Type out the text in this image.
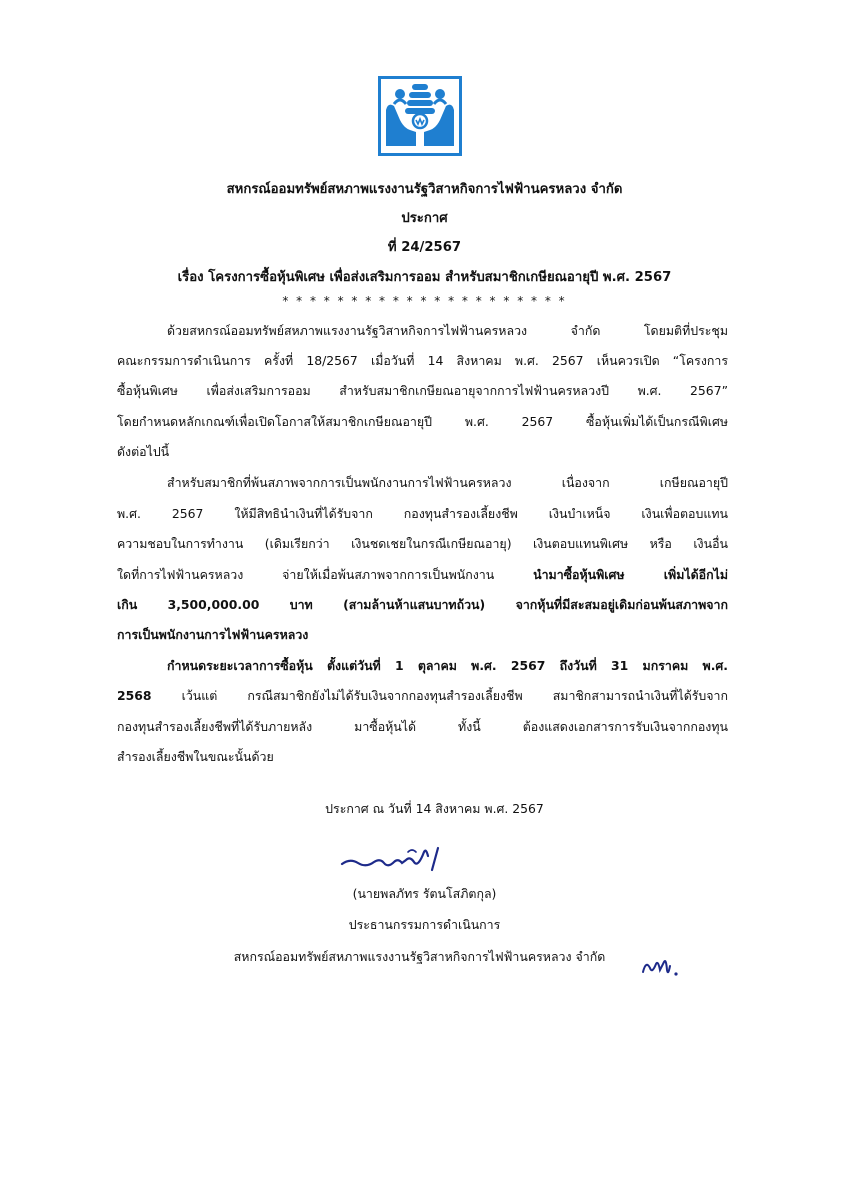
สหกรณ์ออมทรัพย์สหภาพแรงงานรัฐวิสาหกิจการไฟฟ้านครหลวง จำกัด
ประกาศ
ที่ 24/2567
เรื่อง โครงการซื้อหุ้นพิเศษ เพื่อส่งเสริมการออม สำหรับสมาชิกเกษียณอายุปี พ.ศ. 2567
* * * * * * * * * * * * * * * * * * * * *
ด้วยสหกรณ์ออมทรัพย์สหภาพแรงงานรัฐวิสาหกิจการไฟฟ้านครหลวง จำกัด โดยมติที่ประชุม
คณะกรรมการดำเนินการ ครั้งที่ 18/2567 เมื่อวันที่ 14 สิงหาคม พ.ศ. 2567 เห็นควรเปิด “โครงการ
ซื้อหุ้นพิเศษ เพื่อส่งเสริมการออม สำหรับสมาชิกเกษียณอายุจากการไฟฟ้านครหลวงปี พ.ศ. 2567”
โดยกำหนดหลักเกณฑ์เพื่อเปิดโอกาสให้สมาชิกเกษียณอายุปี พ.ศ. 2567 ซื้อหุ้นเพิ่มได้เป็นกรณีพิเศษ
ดังต่อไปนี้
สำหรับสมาชิกที่พ้นสภาพจากการเป็นพนักงานการไฟฟ้านครหลวง เนื่องจาก เกษียณอายุปี
พ.ศ. 2567 ให้มีสิทธินำเงินที่ได้รับจาก กองทุนสำรองเลี้ยงชีพ เงินบำเหน็จ เงินเพื่อตอบแทน
ความชอบในการทำงาน (เดิมเรียกว่า เงินชดเชยในกรณีเกษียณอายุ) เงินตอบแทนพิเศษ หรือ เงินอื่น
ใดที่การไฟฟ้านครหลวง จ่ายให้เมื่อพ้นสภาพจากการเป็นพนักงาน นำมาซื้อหุ้นพิเศษ เพิ่มได้อีกไม่
เกิน 3,500,000.00 บาท (สามล้านห้าแสนบาทถ้วน) จากหุ้นที่มีสะสมอยู่เดิมก่อนพ้นสภาพจาก
การเป็นพนักงานการไฟฟ้านครหลวง
กำหนดระยะเวลาการซื้อหุ้น ตั้งแต่วันที่ 1 ตุลาคม พ.ศ. 2567 ถึงวันที่ 31 มกราคม พ.ศ.
2568 เว้นแต่ กรณีสมาชิกยังไม่ได้รับเงินจากกองทุนสำรองเลี้ยงชีพ สมาชิกสามารถนำเงินที่ได้รับจาก
กองทุนสำรองเลี้ยงชีพที่ได้รับภายหลัง มาซื้อหุ้นได้ ทั้งนี้ ต้องแสดงเอกสารการรับเงินจากกองทุน
สำรองเลี้ยงชีพในขณะนั้นด้วย
ประกาศ ณ วันที่ 14 สิงหาคม พ.ศ. 2567
(นายพลภัทร รัตนโสภิตกุล)
ประธานกรรมการดำเนินการ
สหกรณ์ออมทรัพย์สหภาพแรงงานรัฐวิสาหกิจการไฟฟ้านครหลวง จำกัด
